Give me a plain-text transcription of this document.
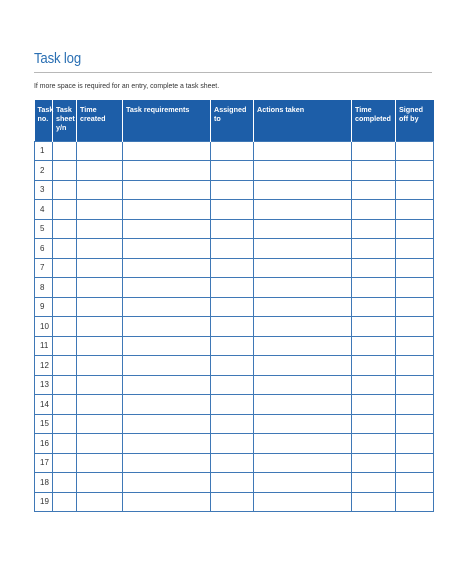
Task log
If more space is required for an entry, complete a task sheet.
Task no.	Task sheet y/n	Time created	Task requirements	Assigned to	Actions taken	Time completed	Signed off by
1							
2							
3							
4							
5							
6							
7							
8							
9							
10							
11							
12							
13							
14							
15							
16							
17							
18							
19							
